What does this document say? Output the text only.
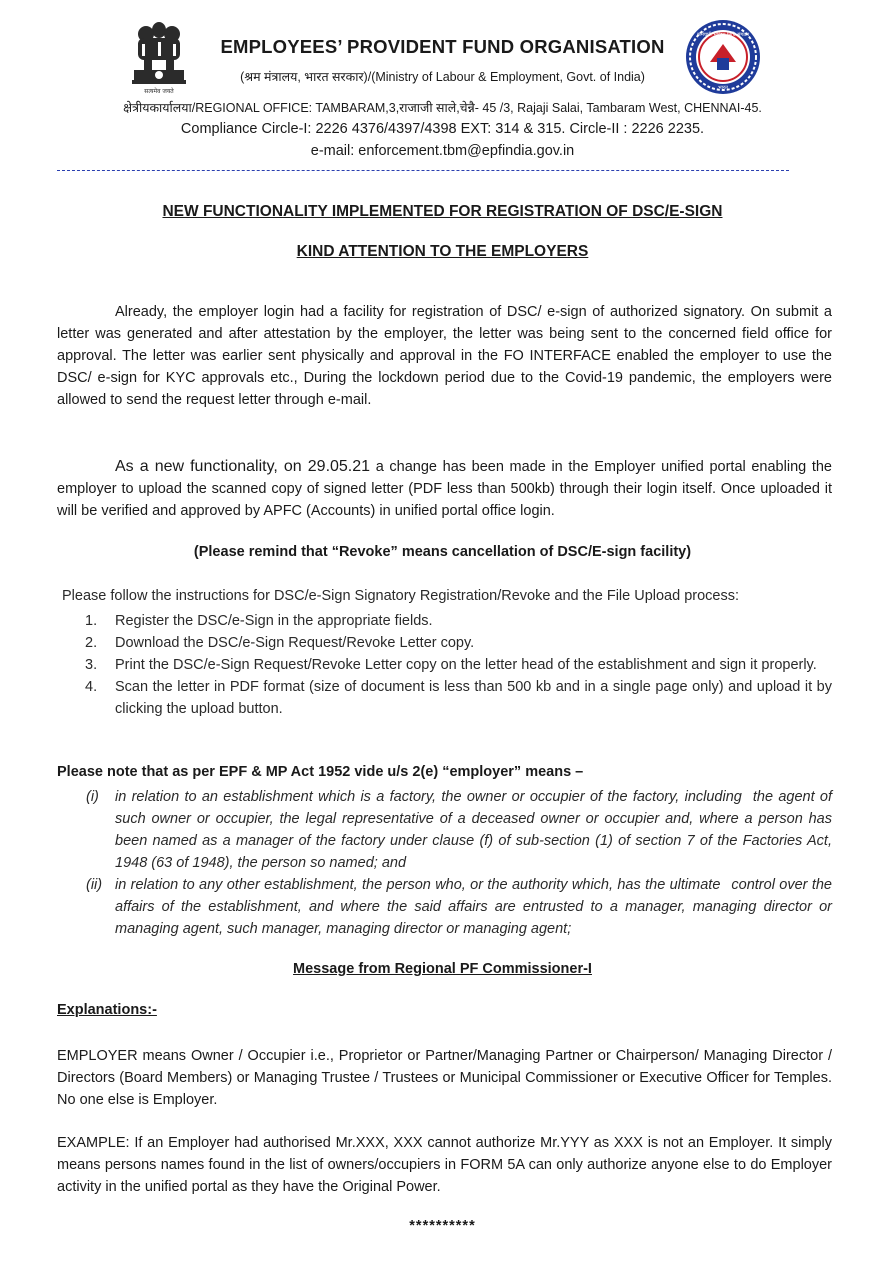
सत्यमेव जयते
कर्मचारी भविष्य निधि संगठन
भारत
EMPLOYEES’ PROVIDENT FUND ORGANISATION
(श्रम मंत्रालय, भारत सरकार)/(Ministry of Labour & Employment, Govt. of India)
क्षेत्रीयकार्यालया/REGIONAL OFFICE: TAMBARAM,3,राजाजी साले,चेन्नै- 45 /3, Rajaji Salai, Tambaram West, CHENNAI-45.
Compliance Circle-I: 2226 4376/4397/4398 EXT: 314 & 315. Circle-II : 2226 2235.
e-mail: enforcement.tbm@epfindia.gov.in
NEW FUNCTIONALITY IMPLEMENTED FOR REGISTRATION OF DSC/E-SIGN
KIND ATTENTION TO THE EMPLOYERS
Already, the employer login had a facility for registration of DSC/ e-sign of authorized signatory. On submit a letter was generated and after attestation by the employer, the letter was being sent to the concerned field office for approval. The letter was earlier sent physically and approval in the FO INTERFACE enabled the employer to use the DSC/ e-sign for KYC approvals etc., During the lockdown period due to the Covid-19 pandemic, the employers were allowed to send the request letter through e-mail.
As a new functionality, on 29.05.21 a change has been made in the Employer unified portal enabling the employer to upload the scanned copy of signed letter (PDF less than 500kb) through their login itself. Once uploaded it will be verified and approved by APFC (Accounts) in unified portal office login.
(Please remind that “Revoke” means cancellation of DSC/E-sign facility)
Please follow the instructions for DSC/e-Sign Signatory Registration/Revoke and the File Upload process:
1.	Register the DSC/e-Sign in the appropriate fields.
2.	Download the DSC/e-Sign Request/Revoke Letter copy.
3.	Print the DSC/e-Sign Request/Revoke Letter copy on the letter head of the establishment and sign it properly.
4.	Scan the letter in PDF format (size of document is less than 500 kb and in a single page only) and upload it by clicking the upload button.
Please note that as per EPF & MP Act 1952 vide u/s 2(e) “employer” means –
(i)	in relation to an establishment which is a factory, the owner or occupier of the factory, including the agent of such owner or occupier, the legal representative of a deceased owner or occupier and, where a person has been named as a manager of the factory under clause (f) of sub-section (1) of section 7 of the Factories Act, 1948 (63 of 1948), the person so named; and
(ii) in relation to any other establishment, the person who, or the authority which, has the ultimate control over the affairs of the establishment, and where the said affairs are entrusted to a manager, managing director or managing agent, such manager, managing director or managing agent;
Message from Regional PF Commissioner-I
Explanations:-
EMPLOYER means Owner / Occupier i.e., Proprietor or Partner/Managing Partner or Chairperson/ Managing Director / Directors (Board Members) or Managing Trustee / Trustees or Municipal Commissioner or Executive Officer for Temples. No one else is Employer.
EXAMPLE: If an Employer had authorised Mr.XXX, XXX cannot authorize Mr.YYY as XXX is not an Employer. It simply means persons names found in the list of owners/occupiers in FORM 5A can only authorize anyone else to do Employer activity in the unified portal as they have the Original Power.
**********
